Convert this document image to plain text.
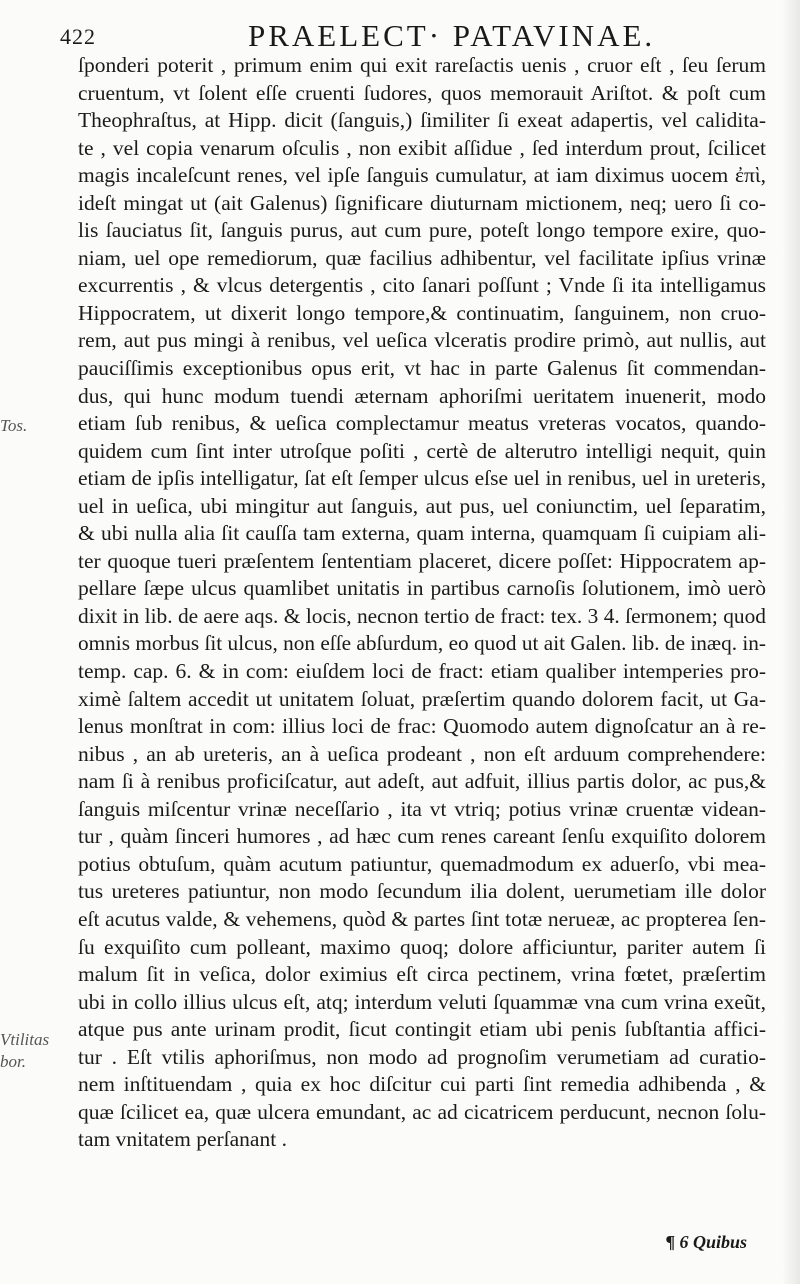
422	PRAELECT· PATAVINAE.
ſponderi poterit , primum enim qui exit rareſactis uenis , cruor eſt , ſeu ſerum
cruentum, vt ſolent eſſe cruenti ſudores, quos memorauit Ariſtot. & poſt cum
Theophraſtus, at Hipp. dicit (ſanguis,) ſimiliter ſi exeat adapertis, vel calidita-
te , vel copia venarum oſculis , non exibit aſſidue , ſed interdum prout, ſcilicet
magis incaleſcunt renes, vel ipſe ſanguis cumulatur, at iam diximus uocem ἐπὶ,
ideſt mingat ut (ait Galenus) ſignificare diuturnam mictionem, neq; uero ſi co-
lis ſauciatus ſit, ſanguis purus, aut cum pure, poteſt longo tempore exire, quo-
niam, uel ope remediorum, quæ facilius adhibentur, vel facilitate ipſius vrinæ
excurrentis , & vlcus detergentis , cito ſanari poſſunt ; Vnde ſi ita intelligamus
Hippocratem, ut dixerit longo tempore,& continuatim, ſanguinem, non cruo-
rem, aut pus mingi à renibus, vel ueſica vlceratis prodire primò, aut nullis, aut
pauciſſimis exceptionibus opus erit, vt hac in parte Galenus ſit commendan-
dus, qui hunc modum tuendi æternam aphoriſmi ueritatem inuenerit, modo
etiam ſub renibus, & ueſica complectamur meatus vreteras vocatos, quando-
quidem cum ſint inter utroſque poſiti , certè de alterutro intelligi nequit, quin
etiam de ipſis intelligatur, ſat eſt ſemper ulcus eſse uel in renibus, uel in ureteris,
uel in ueſica, ubi mingitur aut ſanguis, aut pus, uel coniunctim, uel ſeparatim,
& ubi nulla alia ſit cauſſa tam externa, quam interna, quamquam ſi cuipiam ali-
ter quoque tueri præſentem ſententiam placeret, dicere poſſet: Hippocratem ap-
pellare ſæpe ulcus quamlibet unitatis in partibus carnoſis ſolutionem, imò uerò
dixit in lib. de aere aqs. & locis, necnon tertio de fract: tex. 3 4. ſermonem; quod
omnis morbus ſit ulcus, non eſſe abſurdum, eo quod ut ait Galen. lib. de inæq. in-
temp. cap. 6. & in com: eiuſdem loci de fract: etiam qualiber intemperies pro-
ximè ſaltem accedit ut unitatem ſoluat, præſertim quando dolorem facit, ut Ga-
lenus monſtrat in com: illius loci de frac: Quomodo autem dignoſcatur an à re-
nibus , an ab ureteris, an à ueſica prodeant , non eſt arduum comprehendere:
nam ſi à renibus proficiſcatur, aut adeſt, aut adfuit, illius partis dolor, ac pus,&
ſanguis miſcentur vrinæ neceſſario , ita vt vtriq; potius vrinæ cruentæ videan-
tur , quàm ſinceri humores , ad hæc cum renes careant ſenſu exquiſito dolorem
potius obtuſum, quàm acutum patiuntur, quemadmodum ex aduerſo, vbi mea-
tus ureteres patiuntur, non modo ſecundum ilia dolent, uerumetiam ille dolor
eſt acutus valde, & vehemens, quòd & partes ſint totæ nerueæ, ac propterea ſen-
ſu exquiſito cum polleant, maximo quoq; dolore afficiuntur, pariter autem ſi
malum ſit in veſica, dolor eximius eſt circa pectinem, vrina fœtet, præſertim
ubi in collo illius ulcus eſt, atq; interdum veluti ſquammæ vna cum vrina exeũt,
atque pus ante urinam prodit, ſicut contingit etiam ubi penis ſubſtantia affici-
tur . Eſt vtilis aphoriſmus, non modo ad prognoſim verumetiam ad curatio-
nem inſtituendam , quia ex hoc diſcitur cui parti ſint remedia adhibenda , &
quæ ſcilicet ea, quæ ulcera emundant, ac ad cicatricem perducunt, necnon ſolu-
tam vnitatem perſanant .
Tos.
Vtilitas
bor.
¶ 6 Quibus
